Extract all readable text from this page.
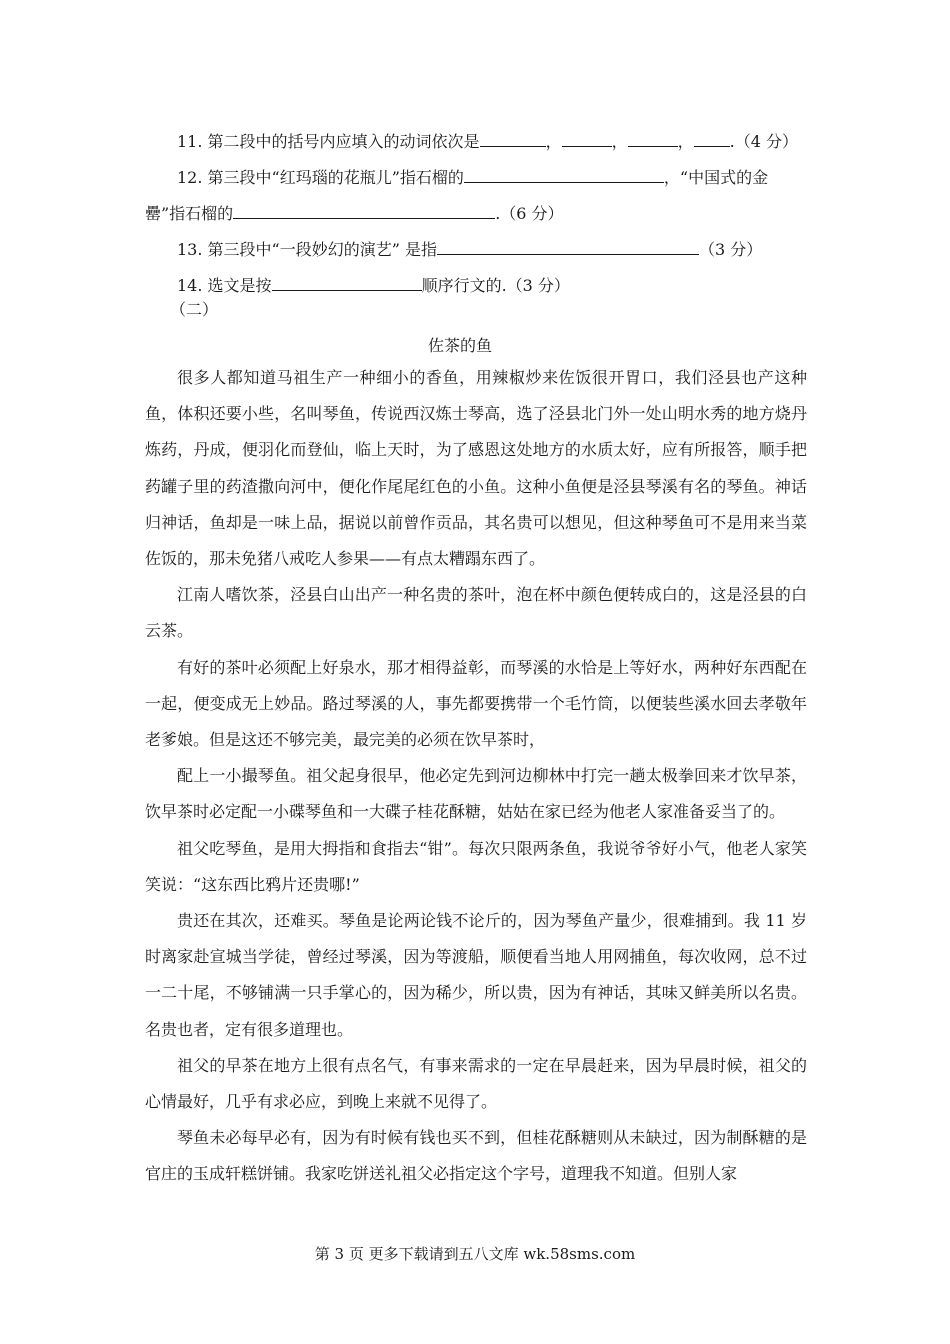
11. 第二段中的括号内应填入的动词依次是	，	，	， .（4 分）
12. 第三段中“红玛瑙的花瓶儿”指石榴的	，“中国式的金罍”指石榴的	.（6 分）
13. 第三段中“一段妙幻的演艺” 是指	（3 分）
14. 选文是按	顺序行文的.（3 分）
（二）
佐茶的鱼

很多人都知道马祖生产一种细小的香鱼，用辣椒炒来佐饭很开胃口，我们泾县也产这种鱼，体积还要小些，名叫琴鱼，传说西汉炼士琴高，选了泾县北门外一处山明水秀的地方烧丹炼药，丹成，便羽化而登仙，临上天时，为了感恩这处地方的水质太好，应有所报答，顺手把药罐子里的药渣撒向河中，便化作尾尾红色的小鱼。这种小鱼便是泾县琴溪有名的琴鱼。神话归神话，鱼却是一味上品，据说以前曾作贡品，其名贵可以想见，但这种琴鱼可不是用来当菜佐饭的，那未免猪八戒吃人参果——有点太糟蹋东西了。

江南人嗜饮茶，泾县白山出产一种名贵的茶叶，泡在杯中颜色便转成白的，这是泾县的白云茶。

有好的茶叶必须配上好泉水，那才相得益彰，而琴溪的水恰是上等好水，两种好东西配在一起，便变成无上妙品。路过琴溪的人，事先都要携带一个毛竹筒，以便装些溪水回去孝敬年老爹娘。但是这还不够完美，最完美的必须在饮早茶时，

配上一小撮琴鱼。祖父起身很早，他必定先到河边柳林中打完一趟太极拳回来才饮早茶，饮早茶时必定配一小碟琴鱼和一大碟子桂花酥糖，姑姑在家已经为他老人家准备妥当了的。

祖父吃琴鱼，是用大拇指和食指去“钳”。每次只限两条鱼，我说爷爷好小气，他老人家笑笑说：“这东西比鸦片还贵哪!”

贵还在其次，还难买。琴鱼是论两论钱不论斤的，因为琴鱼产量少，很难捕到。我 11 岁时离家赴宣城当学徒，曾经过琴溪，因为等渡船，顺便看当地人用网捕鱼，每次收网，总不过一二十尾，不够铺满一只手掌心的，因为稀少，所以贵，因为有神话，其味又鲜美所以名贵。名贵也者，定有很多道理也。

祖父的早茶在地方上很有点名气，有事来需求的一定在早晨赶来，因为早晨时候，祖父的心情最好，几乎有求必应，到晚上来就不见得了。

琴鱼未必每早必有，因为有时候有钱也买不到，但桂花酥糖则从未缺过，因为制酥糖的是官庄的玉成轩糕饼铺。我家吃饼送礼祖父必指定这个字号，道理我不知道。但别人家

第 3 页 更多下载请到五八文库 wk.58sms.com
